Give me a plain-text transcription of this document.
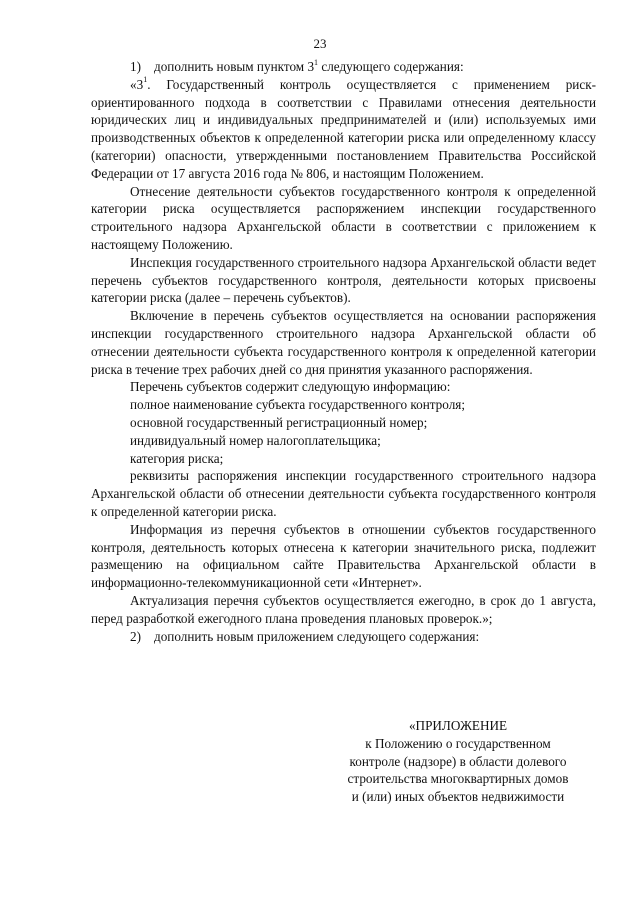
23

1) дополнить новым пунктом $3^1$ следующего содержания:

«$3^1$. Государственный контроль осуществляется с применением риск-

ориентированного подхода в соответствии с Правилами отнесения деятельности юридических лиц и индивидуальных предпринимателей и (или) используемых ими производственных объектов к определенной категории риска или определенному классу (категории) опасности, утвержденными постановлением Правительства Российской Федерации от 17 августа 2016 года № 806, и настоящим Положением.

Отнесение деятельности субъектов государственного контроля к определенной категории риска осуществляется распоряжением инспекции государственного строительного надзора Архангельской области в соответствии с приложением к настоящему Положению.

Инспекция государственного строительного надзора Архангельской области ведет перечень субъектов государственного контроля, деятельности которых присвоены категории риска (далее – перечень субъектов).

Включение в перечень субъектов осуществляется на основании распоряжения инспекции государственного строительного надзора Архангельской области об отнесении деятельности субъекта государственного контроля к определенной категории риска в течение трех рабочих дней со дня принятия указанного распоряжения.

Перечень субъектов содержит следующую информацию:

полное наименование субъекта государственного контроля;

основной государственный регистрационный номер;

индивидуальный номер налогоплательщика;

категория риска;

реквизиты распоряжения инспекции государственного строительного надзора Архангельской области об отнесении деятельности субъекта государственного контроля к определенной категории риска.

Информация из перечня субъектов в отношении субъектов государственного контроля, деятельность которых отнесена к категории значительного риска, подлежит размещению на официальном сайте Правительства Архангельской области в информационно-телекоммуникационной сети «Интернет».

Актуализация перечня субъектов осуществляется ежегодно, в срок до 1 августа, перед разработкой ежегодного плана проведения плановых проверок.»;

2) дополнить новым приложением следующего содержания:

«ПРИЛОЖЕНИЕ
к Положению о государственном
контроле (надзоре) в области долевого
строительства многоквартирных домов
и (или) иных объектов недвижимости
